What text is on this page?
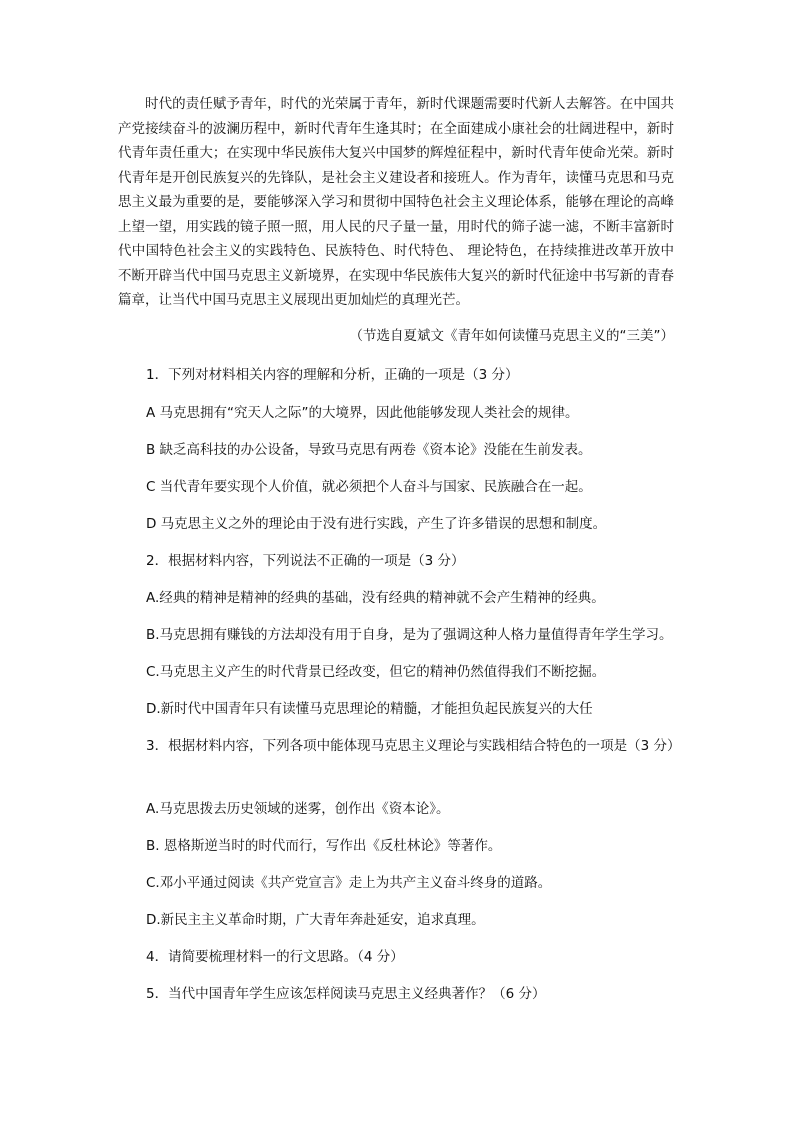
时代的责任赋予青年，时代的光荣属于青年，新时代课题需要时代新人去解答。在中国共产党接续奋斗的波澜历程中，新时代青年生逢其时；在全面建成小康社会的壮阔进程中，新时代青年责任重大；在实现中华民族伟大复兴中国梦的辉煌征程中，新时代青年使命光荣。新时代青年是开创民族复兴的先锋队，是社会主义建设者和接班人。作为青年，读懂马克思和马克思主义最为重要的是，要能够深入学习和贯彻中国特色社会主义理论体系，能够在理论的高峰上望一望，用实践的镜子照一照，用人民的尺子量一量，用时代的筛子滤一滤，不断丰富新时代中国特色社会主义的实践特色、民族特色、时代特色、 理论特色，在持续推进改革开放中不断开辟当代中国马克思主义新境界，在实现中华民族伟大复兴的新时代征途中书写新的青春篇章，让当代中国马克思主义展现出更加灿烂的真理光芒。

（节选自夏斌文《青年如何读懂马克思主义的“三美”）
1．下列对材料相关内容的理解和分析，正确的一项是（3 分）
A 马克思拥有“究天人之际”的大境界，因此他能够发现人类社会的规律。
B 缺乏高科技的办公设备，导致马克思有两卷《资本论》没能在生前发表。
C 当代青年要实现个人价值，就必须把个人奋斗与国家、民族融合在一起。
D 马克思主义之外的理论由于没有进行实践，产生了许多错误的思想和制度。
2．根据材料内容，下列说法不正确的一项是（3 分）
A.经典的精神是精神的经典的基础，没有经典的精神就不会产生精神的经典。
B.马克思拥有赚钱的方法却没有用于自身，是为了强调这种人格力量值得青年学生学习。
C.马克思主义产生的时代背景已经改变，但它的精神仍然值得我们不断挖掘。
D.新时代中国青年只有读懂马克思理论的精髓，才能担负起民族复兴的大任

3．根据材料内容，下列各项中能体现马克思主义理论与实践相结合特色的一项是（3 分）

A.马克思拨去历史领域的迷雾，创作出《资本论》。
B. 恩格斯逆当时的时代而行，写作出《反杜林论》等著作。
C.邓小平通过阅读《共产党宣言》走上为共产主义奋斗终身的道路。
D.新民主主义革命时期，广大青年奔赴延安，追求真理。
4．请简要梳理材料一的行文思路。（4 分）
5．当代中国青年学生应该怎样阅读马克思主义经典著作？（6 分）
